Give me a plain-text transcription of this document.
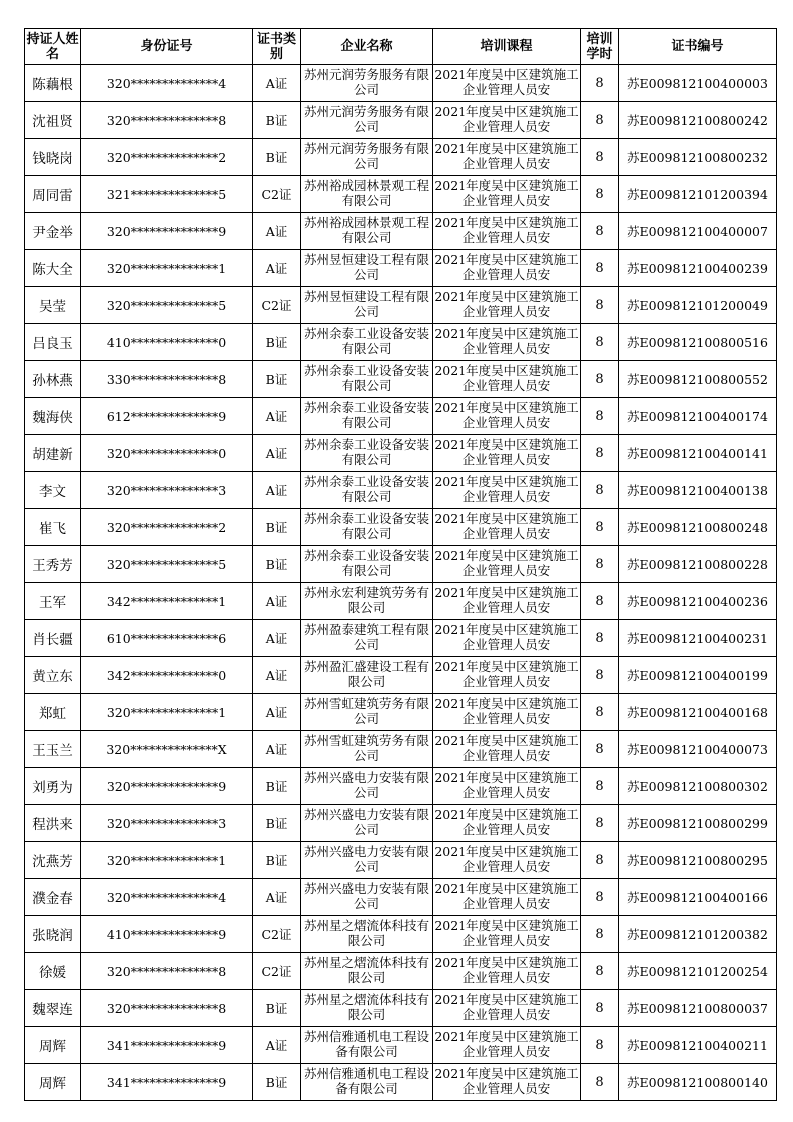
持证人姓名	身份证号	证书类别	企业名称	培训课程	培训学时	证书编号
陈藕根	320**************4	A证	苏州元润劳务服务有限公司	2021年度吴中区建筑施工企业管理人员安	8	苏E009812100400003
沈祖贤	320**************8	B证	苏州元润劳务服务有限公司	2021年度吴中区建筑施工企业管理人员安	8	苏E009812100800242
钱晓岗	320**************2	B证	苏州元润劳务服务有限公司	2021年度吴中区建筑施工企业管理人员安	8	苏E009812100800232
周同雷	321**************5	C2证	苏州裕成园林景观工程有限公司	2021年度吴中区建筑施工企业管理人员安	8	苏E009812101200394
尹金举	320**************9	A证	苏州裕成园林景观工程有限公司	2021年度吴中区建筑施工企业管理人员安	8	苏E009812100400007
陈大全	320**************1	A证	苏州昱恒建设工程有限公司	2021年度吴中区建筑施工企业管理人员安	8	苏E009812100400239
吴莹	320**************5	C2证	苏州昱恒建设工程有限公司	2021年度吴中区建筑施工企业管理人员安	8	苏E009812101200049
吕良玉	410**************0	B证	苏州余泰工业设备安装有限公司	2021年度吴中区建筑施工企业管理人员安	8	苏E009812100800516
孙林燕	330**************8	B证	苏州余泰工业设备安装有限公司	2021年度吴中区建筑施工企业管理人员安	8	苏E009812100800552
魏海侠	612**************9	A证	苏州余泰工业设备安装有限公司	2021年度吴中区建筑施工企业管理人员安	8	苏E009812100400174
胡建新	320**************0	A证	苏州余泰工业设备安装有限公司	2021年度吴中区建筑施工企业管理人员安	8	苏E009812100400141
李文	320**************3	A证	苏州余泰工业设备安装有限公司	2021年度吴中区建筑施工企业管理人员安	8	苏E009812100400138
崔飞	320**************2	B证	苏州余泰工业设备安装有限公司	2021年度吴中区建筑施工企业管理人员安	8	苏E009812100800248
王秀芳	320**************5	B证	苏州余泰工业设备安装有限公司	2021年度吴中区建筑施工企业管理人员安	8	苏E009812100800228
王军	342**************1	A证	苏州永宏利建筑劳务有限公司	2021年度吴中区建筑施工企业管理人员安	8	苏E009812100400236
肖长疆	610**************6	A证	苏州盈泰建筑工程有限公司	2021年度吴中区建筑施工企业管理人员安	8	苏E009812100400231
黄立东	342**************0	A证	苏州盈汇盛建设工程有限公司	2021年度吴中区建筑施工企业管理人员安	8	苏E009812100400199
郑虹	320**************1	A证	苏州雪虹建筑劳务有限公司	2021年度吴中区建筑施工企业管理人员安	8	苏E009812100400168
王玉兰	320**************X	A证	苏州雪虹建筑劳务有限公司	2021年度吴中区建筑施工企业管理人员安	8	苏E009812100400073
刘勇为	320**************9	B证	苏州兴盛电力安装有限公司	2021年度吴中区建筑施工企业管理人员安	8	苏E009812100800302
程洪来	320**************3	B证	苏州兴盛电力安装有限公司	2021年度吴中区建筑施工企业管理人员安	8	苏E009812100800299
沈燕芳	320**************1	B证	苏州兴盛电力安装有限公司	2021年度吴中区建筑施工企业管理人员安	8	苏E009812100800295
濮金春	320**************4	A证	苏州兴盛电力安装有限公司	2021年度吴中区建筑施工企业管理人员安	8	苏E009812100400166
张晓润	410**************9	C2证	苏州星之熠流体科技有限公司	2021年度吴中区建筑施工企业管理人员安	8	苏E009812101200382
徐媛	320**************8	C2证	苏州星之熠流体科技有限公司	2021年度吴中区建筑施工企业管理人员安	8	苏E009812101200254
魏翠连	320**************8	B证	苏州星之熠流体科技有限公司	2021年度吴中区建筑施工企业管理人员安	8	苏E009812100800037
周辉	341**************9	A证	苏州信雅通机电工程设备有限公司	2021年度吴中区建筑施工企业管理人员安	8	苏E009812100400211
周辉	341**************9	B证	苏州信雅通机电工程设备有限公司	2021年度吴中区建筑施工企业管理人员安	8	苏E009812100800140
